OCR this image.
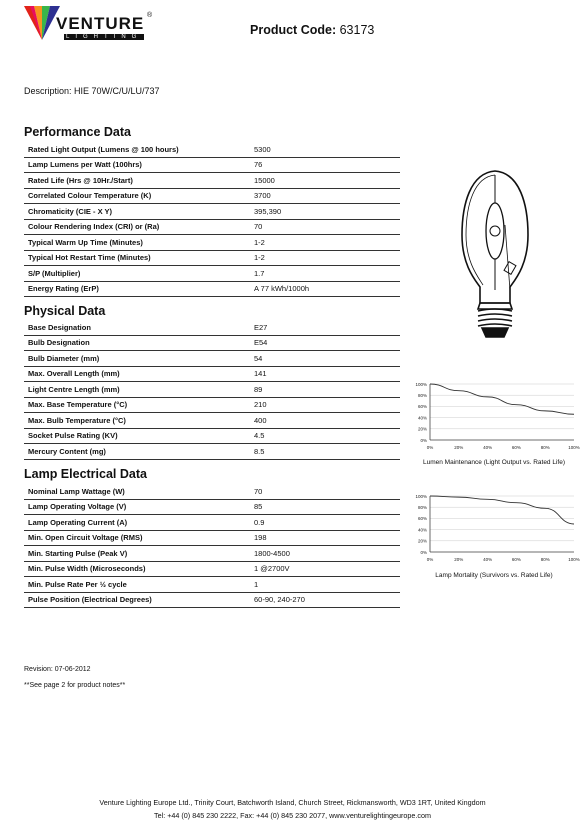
VENTURE ®
LIGHTING	Product Code: 63173
Description: HIE 70W/C/U/LU/737
Performance Data
Rated Light Output (Lumens @ 100 hours)	5300
Lamp Lumens per Watt (100hrs)	76
Rated Life (Hrs @ 10Hr./Start)	15000
Correlated Colour Temperature (K)	3700
Chromaticity (CIE - X Y)	395,390
Colour Rendering Index (CRI) or (Ra)	70
Typical Warm Up Time (Minutes)	1-2
Typical Hot Restart Time (Minutes)	1-2
S/P (Multiplier)	1.7
Energy Rating (ErP)	A 77 kWh/1000h
Physical Data
Base Designation	E27
Bulb Designation	E54
Bulb Diameter (mm)	54
Max. Overall Length (mm)	141
Light Centre Length (mm)	89
Max. Base Temperature (°C)	210
Max. Bulb Temperature (°C)	400
Socket Pulse Rating (KV)	4.5
Mercury Content (mg)	8.5
Lamp Electrical Data
Nominal Lamp Wattage (W)	70
Lamp Operating Voltage (V)	85
Lamp Operating Current (A)	0.9
Min. Open Circuit Voltage (RMS)	198
Min. Starting Pulse (Peak V)	1800-4500
Min. Pulse Width (Microseconds)	1 @2700V
Min. Pulse Rate Per ½ cycle	1
Pulse Position (Electrical Degrees)	60-90, 240-270
100%
80%
60%
40%
20%
0%
0%	20%	40%	60%	80%	100%
Lumen Maintenance (Light Output vs. Rated Life)
100%
80%
60%
40%
20%
0%
0%	20%	40%	60%	80%	100%
Lamp Mortality (Survivors vs. Rated Life)
Revision: 07-06-2012
**See page 2 for product notes**
Venture Lighting Europe Ltd., Trinity Court, Batchworth Island, Church Street, Rickmansworth, WD3 1RT, United Kingdom
Tel: +44 (0) 845 230 2222, Fax: +44 (0) 845 230 2077, www.venturelightingeurope.com
